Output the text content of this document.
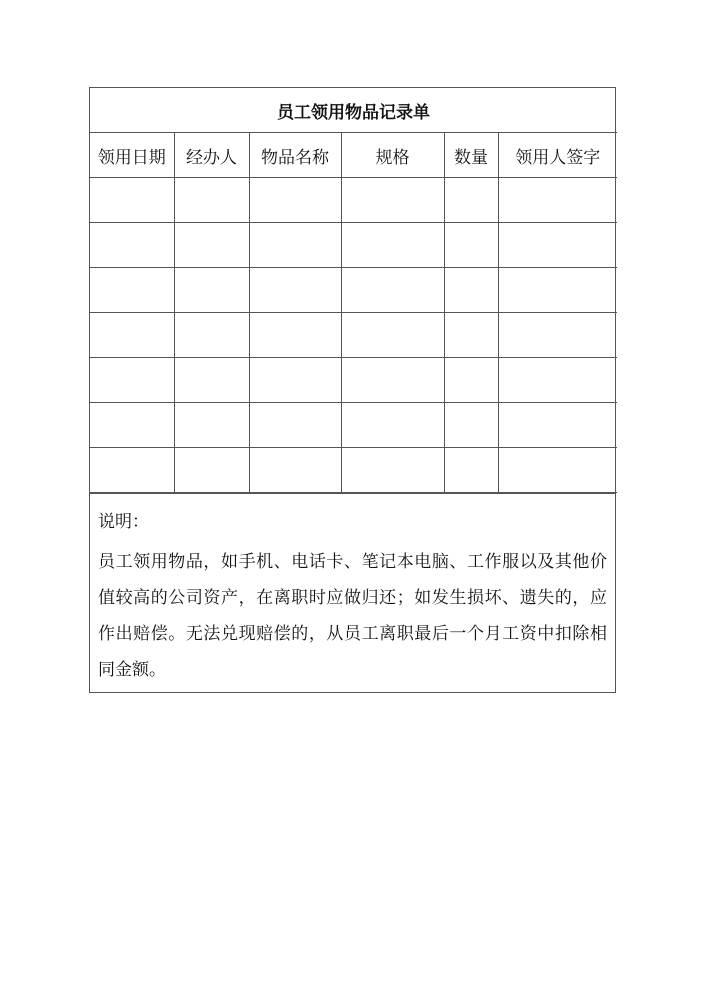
员工领用物品记录单					
领用日期	经办人	物品名称	规格	数量	领用人签字

说明：
员工领用物品，如手机、电话卡、笔记本电脑、工作服以及其他价值较高的公司资产，在离职时应做归还；如发生损坏、遗失的，应作出赔偿。无法兑现赔偿的，从员工离职最后一个月工资中扣除相同金额。
